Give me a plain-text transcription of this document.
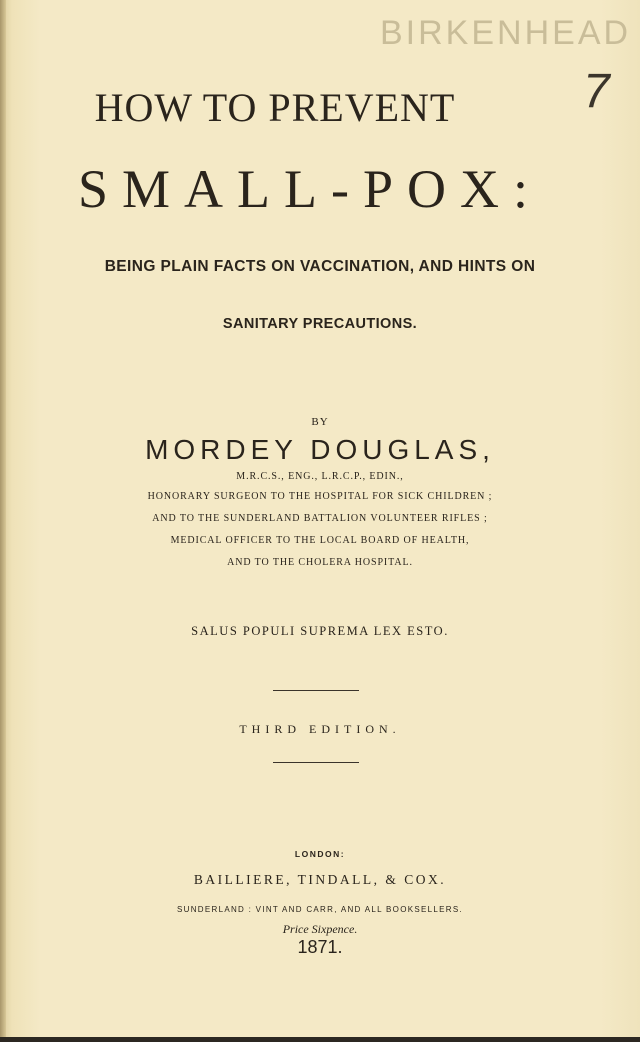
BIRKENHEAD
7
HOW TO PREVENT
SMALL-POX:
BEING PLAIN FACTS ON VACCINATION, AND HINTS ON
SANITARY PRECAUTIONS.
BY
MORDEY DOUGLAS,
M.R.C.S., ENG., L.R.C.P., EDIN.,
HONORARY SURGEON TO THE HOSPITAL FOR SICK CHILDREN ;
AND TO THE SUNDERLAND BATTALION VOLUNTEER RIFLES ;
MEDICAL OFFICER TO THE LOCAL BOARD OF HEALTH,
AND TO THE CHOLERA HOSPITAL.
SALUS POPULI SUPREMA LEX ESTO.
THIRD EDITION.
LONDON:
BAILLIERE, TINDALL, & COX.
SUNDERLAND : VINT AND CARR, AND ALL BOOKSELLERS.
Price Sixpence.
1871.
